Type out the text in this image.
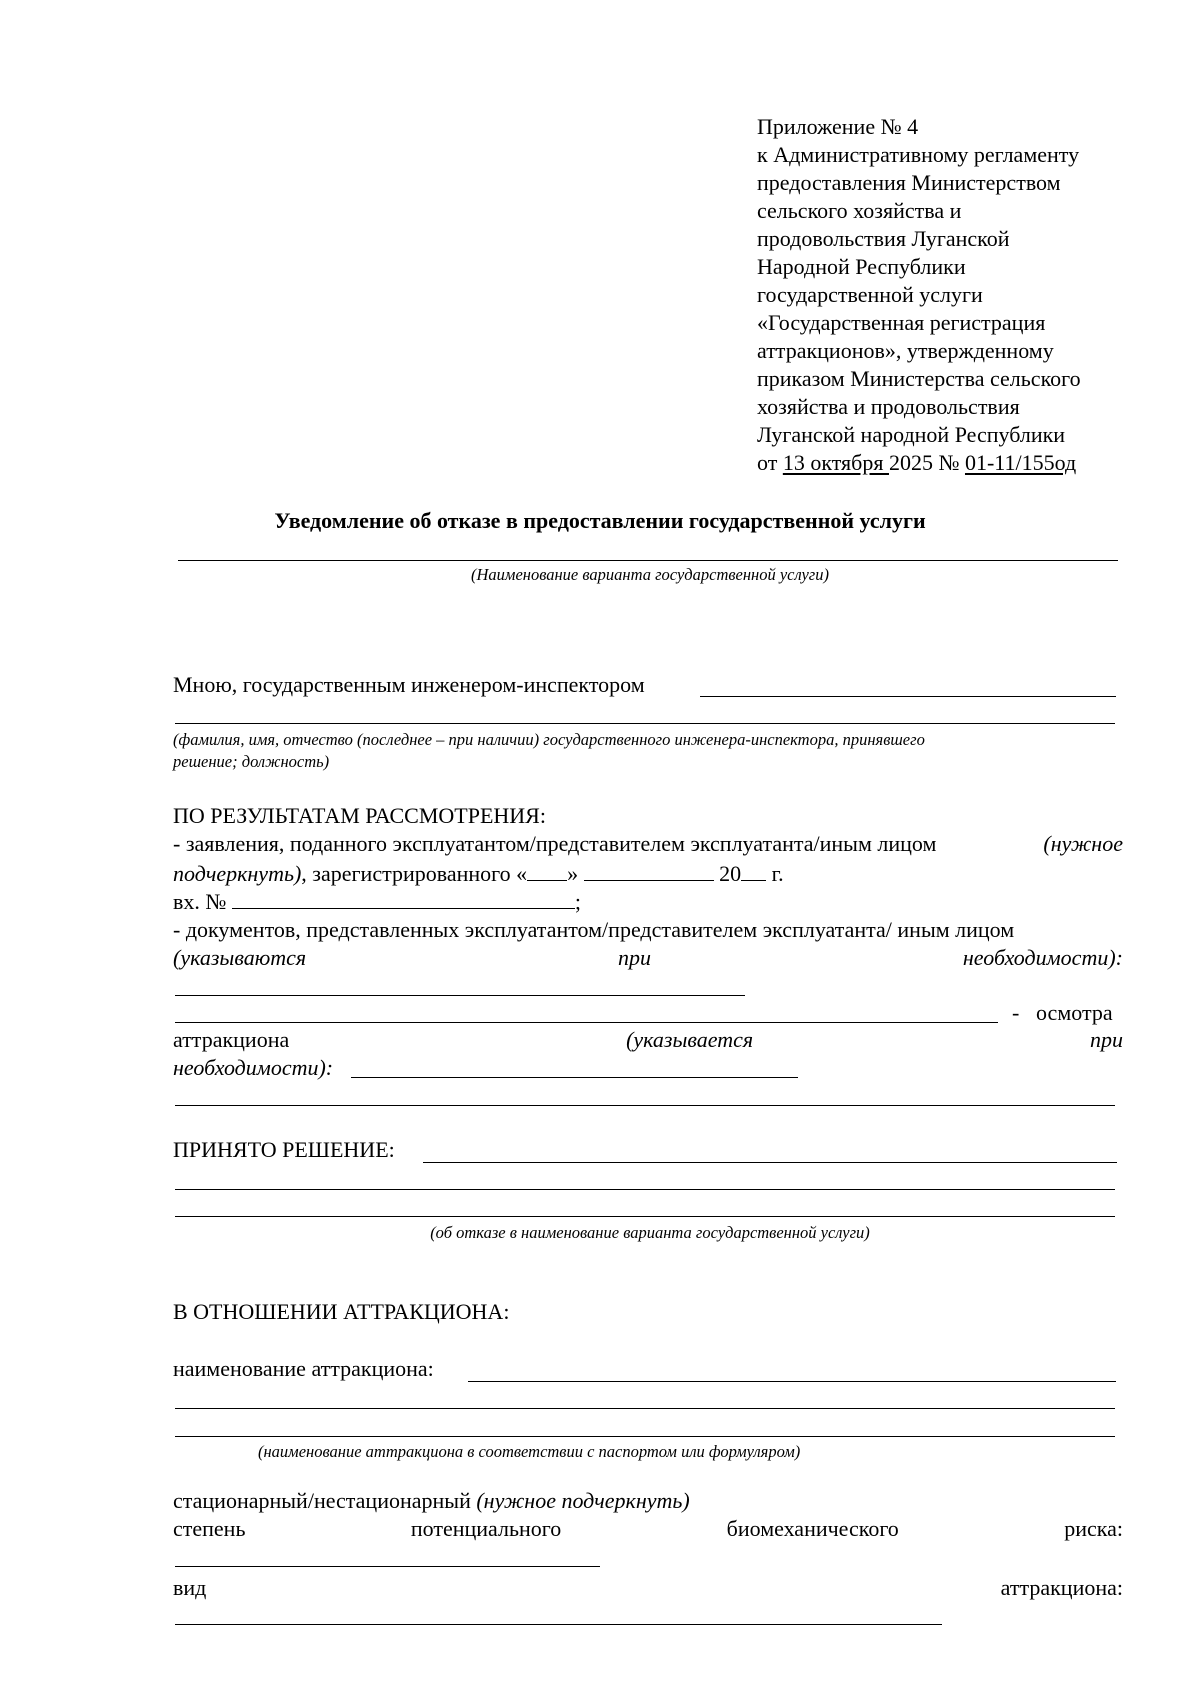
Приложение № 4

к Административному регламенту

предоставления Министерством

сельского хозяйства и

продовольствия Луганской

Народной Республики

государственной услуги

«Государственная регистрация

аттракционов», утвержденному

приказом Министерства сельского

хозяйства и продовольствия

Луганской народной Республики

от 13 октября 2025 № 01-11/155од

Уведомление об отказе в предоставлении государственной услуги
(Наименование варианта государственной услуги)
Мною, государственным инженером-инспектором
(фамилия, имя, отчество (последнее – при наличии) государственного инженера-инспектора, принявшего
решение; должность)
ПО РЕЗУЛЬТАТАМ РАССМОТРЕНИЯ:
- заявления, поданного эксплуатантом/представителем эксплуатанта/иным лицом	(нужное
подчеркнуть), зарегистрированного « »	20 г.
вх. №	;
- документов, представленных эксплуатантом/представителем эксплуатанта/ иным лицом
(указываются	при	необходимости):
- осмотра
аттракциона	(указывается	при
необходимости):
ПРИНЯТО РЕШЕНИЕ:
(об отказе в наименование варианта государственной услуги)
В ОТНОШЕНИИ АТТРАКЦИОНА:
наименование аттракциона:
(наименование аттракциона в соответствии с паспортом или формуляром)
стационарный/нестационарный (нужное подчеркнуть)
степень	потенциального	биомеханического	риска:
вид	аттракциона:
